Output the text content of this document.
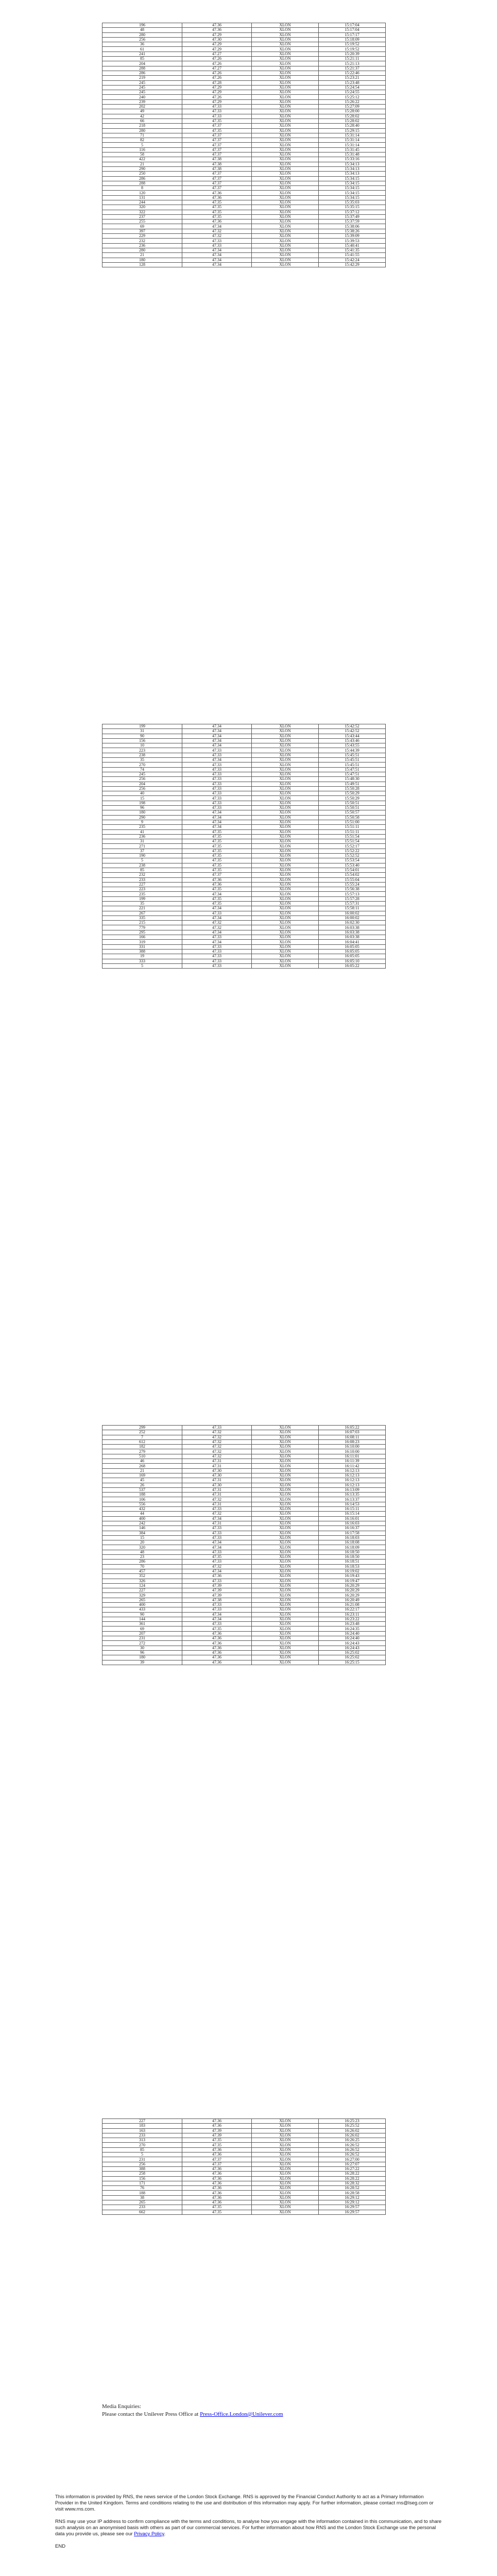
196	47.36	XLON	15:17:04
48	47.36	XLON	15:17:04
280	47.29	XLON	15:17:17
256	47.30	XLON	15:18:09
36	47.29	XLON	15:19:52
61	47.29	XLON	15:19:52
241	47.27	XLON	15:20:39
85	47.26	XLON	15:21:11
204	47.26	XLON	15:21:13
288	47.27	XLON	15:21:37
286	47.26	XLON	15:22:46
219	47.26	XLON	15:23:21
245	47.28	XLON	15:23:48
245	47.29	XLON	15:24:54
245	47.29	XLON	15:24:55
240	47.26	XLON	15:25:12
239	47.29	XLON	15:26:22
202	47.33	XLON	15:27:09
49	47.33	XLON	15:28:00
42	47.33	XLON	15:28:02
66	47.35	XLON	15:28:02
218	47.37	XLON	15:28:40
280	47.35	XLON	15:29:15
71	47.37	XLON	15:31:14
82	47.37	XLON	15:31:14
5	47.37	XLON	15:31:14
116	47.37	XLON	15:31:45
58	47.37	XLON	15:31:48
422	47.38	XLON	15:33:16
21	47.38	XLON	15:34:13
290	47.38	XLON	15:34:13
250	47.37	XLON	15:34:13
286	47.37	XLON	15:34:15
288	47.37	XLON	15:34:15
8	47.37	XLON	15:34:15
120	47.36	XLON	15:34:15
131	47.36	XLON	15:34:15
244	47.35	XLON	15:35:03
320	47.35	XLON	15:35:15
322	47.35	XLON	15:37:12
237	47.35	XLON	15:37:49
255	47.36	XLON	15:37:59
69	47.34	XLON	15:38:06
397	47.32	XLON	15:38:26
229	47.32	XLON	15:39:09
232	47.33	XLON	15:39:53
236	47.33	XLON	15:40:41
280	47.34	XLON	15:41:35
21	47.34	XLON	15:41:55
180	47.34	XLON	15:42:24
128	47.34	XLON	15:42:29
199	47.34	XLON	15:42:52
31	47.34	XLON	15:42:52
90	47.34	XLON	15:43:44
156	47.34	XLON	15:43:46
10	47.34	XLON	15:43:55
223	47.33	XLON	15:44:39
238	47.33	XLON	15:45:51
35	47.34	XLON	15:45:51
270	47.33	XLON	15:45:51
74	47.33	XLON	15:47:51
245	47.33	XLON	15:47:51
256	47.33	XLON	15:48:30
204	47.33	XLON	15:49:51
256	47.33	XLON	15:50:28
40	47.33	XLON	15:50:29
15	47.33	XLON	15:50:29
198	47.33	XLON	15:50:51
96	47.33	XLON	15:50:51
180	47.34	XLON	15:50:57
290	47.34	XLON	15:50:58
9	47.34	XLON	15:51:00
235	47.34	XLON	15:51:11
41	47.35	XLON	15:51:11
236	47.35	XLON	15:51:54
31	47.35	XLON	15:51:54
271	47.35	XLON	15:52:17
37	47.35	XLON	15:52:22
190	47.35	XLON	15:52:52
5	47.35	XLON	15:53:54
238	47.35	XLON	15:53:40
85	47.35	XLON	15:54:01
232	47.37	XLON	15:54:02
233	47.36	XLON	15:55:04
227	47.36	XLON	15:55:24
223	47.35	XLON	15:56:38
235	47.34	XLON	15:57:13
199	47.35	XLON	15:57:28
35	47.35	XLON	15:57:31
221	47.34	XLON	15:58:11
267	47.33	XLON	16:00:02
335	47.34	XLON	16:00:02
215	47.32	XLON	16:02:30
779	47.32	XLON	16:03:38
295	47.34	XLON	16:03:38
166	47.33	XLON	16:03:38
319	47.34	XLON	16:04:41
331	47.33	XLON	16:05:05
388	47.33	XLON	16:05:05
19	47.33	XLON	16:05:05
333	47.33	XLON	16:05:10
5	47.33	XLON	16:05:22
299	47.33	XLON	16:05:22
252	47.32	XLON	16:07:03
7	47.32	XLON	16:08:11
612	47.32	XLON	16:08:23
182	47.32	XLON	16:10:00
279	47.32	XLON	16:10:00
510	47.32	XLON	16:11:01
46	47.31	XLON	16:11:39
268	47.31	XLON	16:11:42
21	47.30	XLON	16:12:13
169	47.30	XLON	16:12:13
45	47.31	XLON	16:12:13
26	47.30	XLON	16:12:13
537	47.31	XLON	16:13:09
188	47.31	XLON	16:13:35
106	47.32	XLON	16:13:37
556	47.31	XLON	16:14:53
432	47.33	XLON	16:15:11
44	47.32	XLON	16:15:14
400	47.34	XLON	16:16:01
242	47.31	XLON	16:16:03
146	47.33	XLON	16:16:37
384	47.33	XLON	16:17:58
15	47.33	XLON	16:18:03
20	47.34	XLON	16:18:08
320	47.34	XLON	16:18:09
48	47.33	XLON	16:18:50
23	47.35	XLON	16:18:50
286	47.33	XLON	16:18:51
70	47.32	XLON	16:18:53
457	47.34	XLON	16:19:02
352	47.36	XLON	16:19:43
326	47.33	XLON	16:19:47
124	47.39	XLON	16:20:29
227	47.39	XLON	16:20:29
329	47.39	XLON	16:20:29
265	47.38	XLON	16:20:49
400	47.33	XLON	16:21:08
433	47.33	XLON	16:22:17
90	47.34	XLON	16:23:11
144	47.34	XLON	16:23:22
361	47.33	XLON	16:23:48
69	47.35	XLON	16:24:35
207	47.36	XLON	16:24:40
231	47.36	XLON	16:24:40
272	47.36	XLON	16:24:43
30	47.36	XLON	16:24:43
96	47.36	XLON	16:25:02
180	47.36	XLON	16:25:02
39	47.36	XLON	16:25:15
227	47.36	XLON	16:25:23
183	47.36	XLON	16:25:52
163	47.39	XLON	16:26:02
233	47.39	XLON	16:26:02
313	47.35	XLON	16:26:25
270	47.35	XLON	16:26:52
85	47.36	XLON	16:26:52
5	47.36	XLON	16:26:52
231	47.37	XLON	16:27:00
256	47.37	XLON	16:27:07
388	47.36	XLON	16:27:22
258	47.36	XLON	16:28:22
156	47.36	XLON	16:28:22
171	47.36	XLON	16:28:32
76	47.36	XLON	16:28:52
188	47.36	XLON	16:28:58
38	47.36	XLON	16:29:12
265	47.36	XLON	16:29:12
233	47.35	XLON	16:29:57
662	47.35	XLON	16:29:57
Media Enquiries:
Please contact the Unilever Press Office at Press-Office.London@Unilever.com

This information is provided by RNS, the news service of the London Stock Exchange. RNS is approved by the Financial Conduct Authority to act as a Primary Information Provider in the United Kingdom. Terms and conditions relating to the use and distribution of this information may apply. For further information, please contact rns@lseg.com or visit www.rns.com.

RNS may use your IP address to confirm compliance with the terms and conditions, to analyse how you engage with the information contained in this communication, and to share such analysis on an anonymised basis with others as part of our commercial services. For further information about how RNS and the London Stock Exchange use the personal data you provide us, please see our Privacy Policy.

END
